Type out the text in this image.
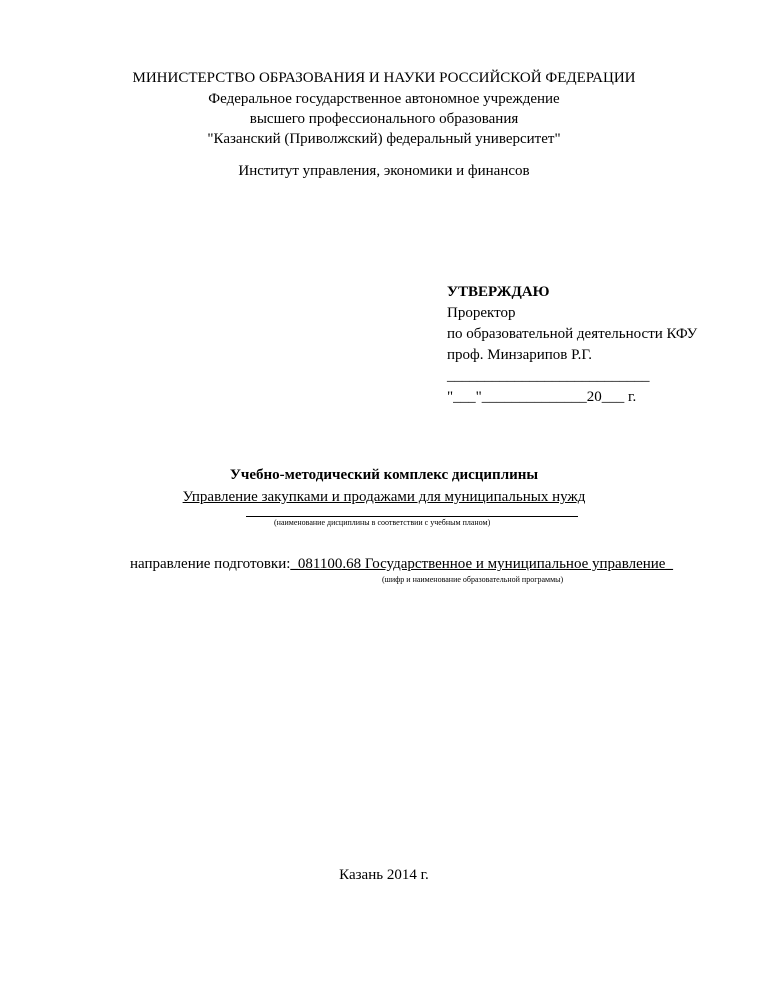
МИНИСТЕРСТВО ОБРАЗОВАНИЯ И НАУКИ РОССИЙСКОЙ ФЕДЕРАЦИИ
Федеральное государственное автономное учреждение
высшего профессионального образования
"Казанский (Приволжский) федеральный университет"
Институт управления, экономики и финансов
УТВЕРЖДАЮ
Проректор
по образовательной деятельности КФУ
проф. Минзарипов Р.Г.
___________________________
"___"______________20___ г.
Учебно-методический комплекс дисциплины
Управление закупками и продажами для муниципальных нужд
(наименование дисциплины в соответствии с учебным планом)
направление подготовки:_081100.68 Государственное и муниципальное управление_
(шифр и наименование образовательной программы)
Казань 2014 г.
